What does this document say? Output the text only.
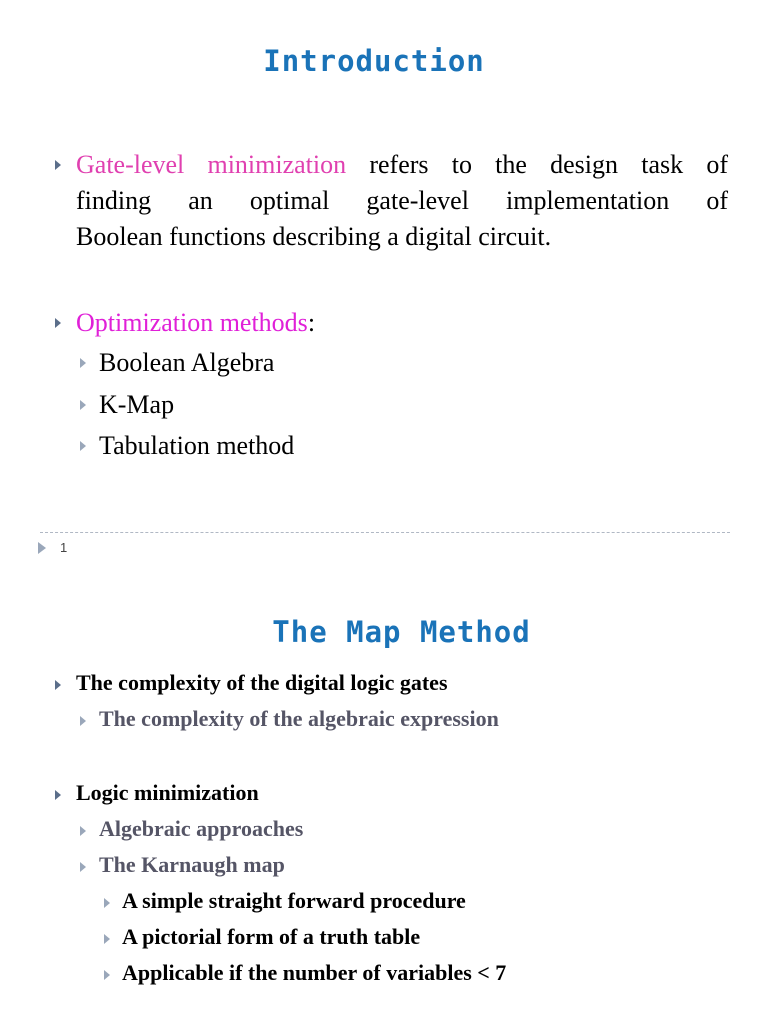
Introduction
Gate-level minimization refers to the design task of
finding an optimal gate-level implementation of
Boolean functions describing a digital circuit.
Optimization methods:
Boolean Algebra
K-Map
Tabulation method
1
The Map Method
The complexity of the digital logic gates
The complexity of the algebraic expression
Logic minimization
Algebraic approaches
The Karnaugh map
A simple straight forward procedure
A pictorial form of a truth table
Applicable if the number of variables < 7
